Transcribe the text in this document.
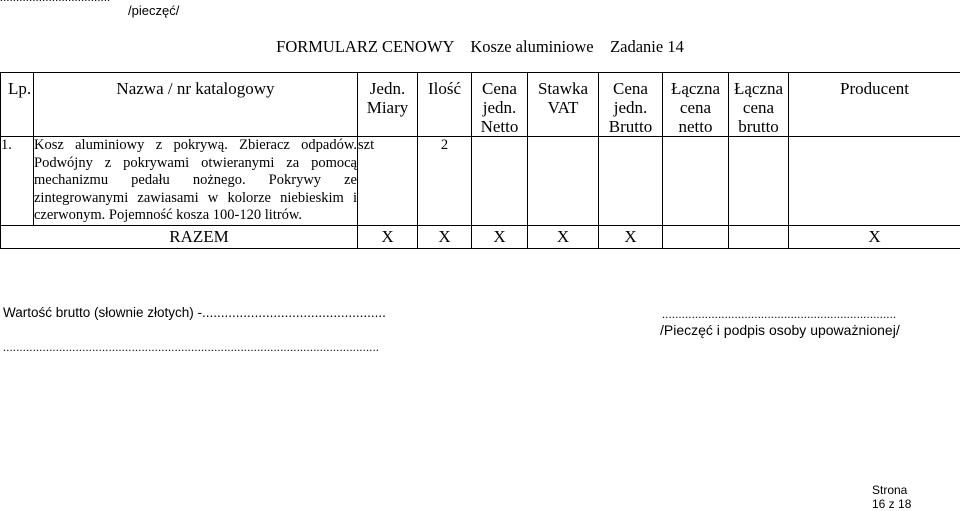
/pieczęć/
FORMULARZ CENOWY    Kosze aluminiowe    Zadanie 14
Lp.	Nazwa / nr katalogowy	Jedn. Miary	Ilość	Cena jedn. Netto	Stawka VAT	Cena jedn. Brutto	Łączna cena netto	Łączna cena brutto	Producent
1.	Kosz aluminiowy z pokrywą. Zbieracz odpadów. Podwójny z pokrywami otwieranymi za pomocą mechanizmu pedału nożnego. Pokrywy ze zintegrowanymi zawiasami w kolorze niebieskim i czerwonym. Pojemność kosza 100-120 litrów.	szt	2						
RAZEM		X	X	X	X	X			X
Wartość brutto (słownie złotych) -.................................................
..................................................................................................................
.......................................................................
/Pieczęć i podpis osoby upoważnionej/
Strona  16 z 18
